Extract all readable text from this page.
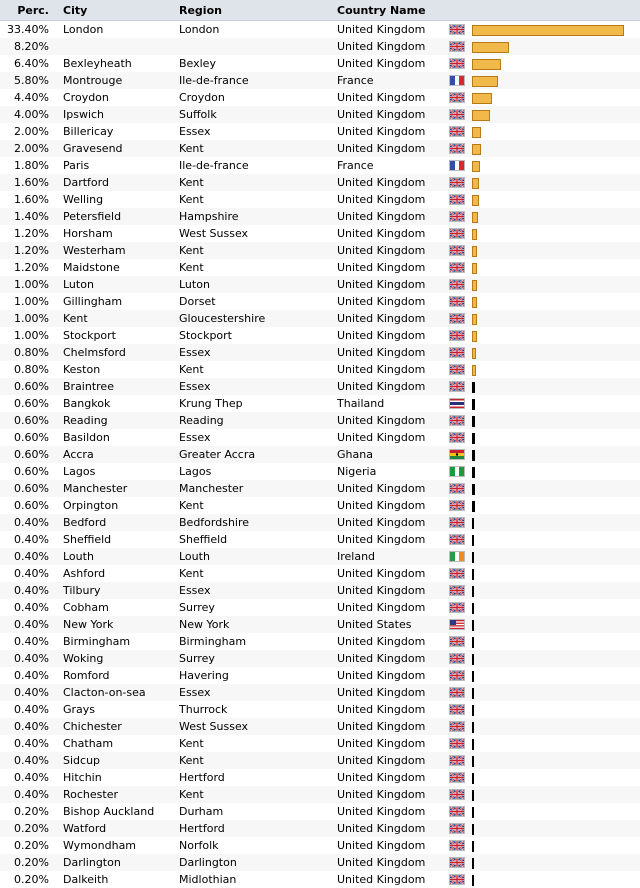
Perc.	City	Region	Country Name		
33.40%	London	London	United Kingdom	

8.20%			United Kingdom	

6.40%	Bexleyheath	Bexley	United Kingdom	

5.80%	Montrouge	Ile-de-france	France	

4.40%	Croydon	Croydon	United Kingdom	

4.00%	Ipswich	Suffolk	United Kingdom	

2.00%	Billericay	Essex	United Kingdom	

2.00%	Gravesend	Kent	United Kingdom	

1.80%	Paris	Ile-de-france	France	

1.60%	Dartford	Kent	United Kingdom	

1.60%	Welling	Kent	United Kingdom	

1.40%	Petersfield	Hampshire	United Kingdom	

1.20%	Horsham	West Sussex	United Kingdom	

1.20%	Westerham	Kent	United Kingdom	

1.20%	Maidstone	Kent	United Kingdom	

1.00%	Luton	Luton	United Kingdom	

1.00%	Gillingham	Dorset	United Kingdom	

1.00%	Kent	Gloucestershire	United Kingdom	

1.00%	Stockport	Stockport	United Kingdom	

0.80%	Chelmsford	Essex	United Kingdom	

0.80%	Keston	Kent	United Kingdom	

0.60%	Braintree	Essex	United Kingdom	

0.60%	Bangkok	Krung Thep	Thailand	

0.60%	Reading	Reading	United Kingdom	

0.60%	Basildon	Essex	United Kingdom	

0.60%	Accra	Greater Accra	Ghana	

0.60%	Lagos	Lagos	Nigeria	

0.60%	Manchester	Manchester	United Kingdom	

0.60%	Orpington	Kent	United Kingdom	

0.40%	Bedford	Bedfordshire	United Kingdom	

0.40%	Sheffield	Sheffield	United Kingdom	

0.40%	Louth	Louth	Ireland	

0.40%	Ashford	Kent	United Kingdom	

0.40%	Tilbury	Essex	United Kingdom	

0.40%	Cobham	Surrey	United Kingdom	

0.40%	New York	New York	United States	

0.40%	Birmingham	Birmingham	United Kingdom	

0.40%	Woking	Surrey	United Kingdom	

0.40%	Romford	Havering	United Kingdom	

0.40%	Clacton-on-sea	Essex	United Kingdom	

0.40%	Grays	Thurrock	United Kingdom	

0.40%	Chichester	West Sussex	United Kingdom	

0.40%	Chatham	Kent	United Kingdom	

0.40%	Sidcup	Kent	United Kingdom	

0.40%	Hitchin	Hertford	United Kingdom	

0.40%	Rochester	Kent	United Kingdom	

0.20%	Bishop Auckland	Durham	United Kingdom	

0.20%	Watford	Hertford	United Kingdom	

0.20%	Wymondham	Norfolk	United Kingdom	

0.20%	Darlington	Darlington	United Kingdom	

0.20%	Dalkeith	Midlothian	United Kingdom	
